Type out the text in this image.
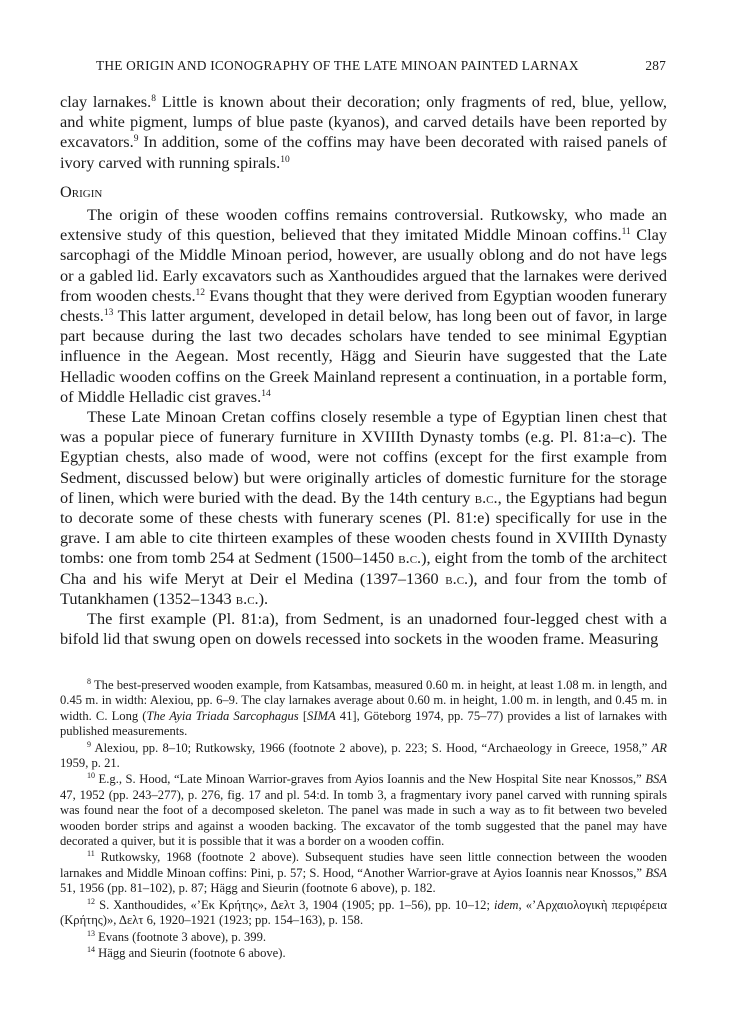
THE ORIGIN AND ICONOGRAPHY OF THE LATE MINOAN PAINTED LARNAX	287

clay larnakes.$^8$ Little is known about their decoration; only fragments of red, blue, yellow, and white pigment, lumps of blue paste (kyanos), and carved details have been reported by excavators.$^9$ In addition, some of the coffins may have been decorated with raised panels of ivory carved with running spirals.$^{10}$

Origin

The origin of these wooden coffins remains controversial. Rutkowsky, who made an extensive study of this question, believed that they imitated Middle Minoan coffins.$^{11}$ Clay sarcophagi of the Middle Minoan period, however, are usually oblong and do not have legs or a gabled lid. Early excavators such as Xanthoudides argued that the larnakes were derived from wooden chests.$^{12}$ Evans thought that they were derived from Egyptian wooden funerary chests.$^{13}$ This latter argument, developed in detail below, has long been out of favor, in large part because during the last two decades scholars have tended to see minimal Egyptian influence in the Aegean. Most recently, Hägg and Sieurin have suggested that the Late Helladic wooden coffins on the Greek Mainland represent a continuation, in a portable form, of Middle Helladic cist graves.$^{14}$

These Late Minoan Cretan coffins closely resemble a type of Egyptian linen chest that was a popular piece of funerary furniture in XVIIIth Dynasty tombs (e.g. Pl. 81:a–c). The Egyptian chests, also made of wood, were not coffins (except for the first example from Sedment, discussed below) but were originally articles of domestic furniture for the storage of linen, which were buried with the dead. By the 14th century b.c., the Egyptians had begun to decorate some of these chests with funerary scenes (Pl. 81:e) specifically for use in the grave. I am able to cite thirteen examples of these wooden chests found in XVIIIth Dynasty tombs: one from tomb 254 at Sedment (1500–1450 b.c.), eight from the tomb of the architect Cha and his wife Meryt at Deir el Medina (1397–1360 b.c.), and four from the tomb of Tutankhamen (1352–1343 b.c.).

The first example (Pl. 81:a), from Sedment, is an unadorned four-legged chest with a bifold lid that swung open on dowels recessed into sockets in the wooden frame. Measuring

$^8$ The best-preserved wooden example, from Katsambas, measured 0.60 m. in height, at least 1.08 m. in length, and 0.45 m. in width: Alexiou, pp. 6–9. The clay larnakes average about 0.60 m. in height, 1.00 m. in length, and 0.45 m. in width. C. Long (The Ayia Triada Sarcophagus [SIMA 41], Göteborg 1974, pp. 75–77) provides a list of larnakes with published measurements.

$^9$ Alexiou, pp. 8–10; Rutkowsky, 1966 (footnote 2 above), p. 223; S. Hood, “Archaeology in Greece, 1958,” AR 1959, p. 21.

$^{10}$ E.g., S. Hood, “Late Minoan Warrior-graves from Ayios Ioannis and the New Hospital Site near Knossos,” BSA 47, 1952 (pp. 243–277), p. 276, fig. 17 and pl. 54:d. In tomb 3, a fragmentary ivory panel carved with running spirals was found near the foot of a decomposed skeleton. The panel was made in such a way as to fit between two beveled wooden border strips and against a wooden backing. The excavator of the tomb suggested that the panel may have decorated a quiver, but it is possible that it was a border on a wooden coffin.

$^{11}$ Rutkowsky, 1968 (footnote 2 above). Subsequent studies have seen little connection between the wooden larnakes and Middle Minoan coffins: Pini, p. 57; S. Hood, “Another Warrior-grave at Ayios Ioannis near Knossos,” BSA 51, 1956 (pp. 81–102), p. 87; Hägg and Sieurin (footnote 6 above), p. 182.

$^{12}$ S. Xanthoudides, «’Εκ Κρήτης», Δελτ 3, 1904 (1905; pp. 1–56), pp. 10–12; idem, «’Αρχαιολογικὴ περιφέρεια (Κρήτης)», Δελτ 6, 1920–1921 (1923; pp. 154–163), p. 158.

$^{13}$ Evans (footnote 3 above), p. 399.

$^{14}$ Hägg and Sieurin (footnote 6 above).
